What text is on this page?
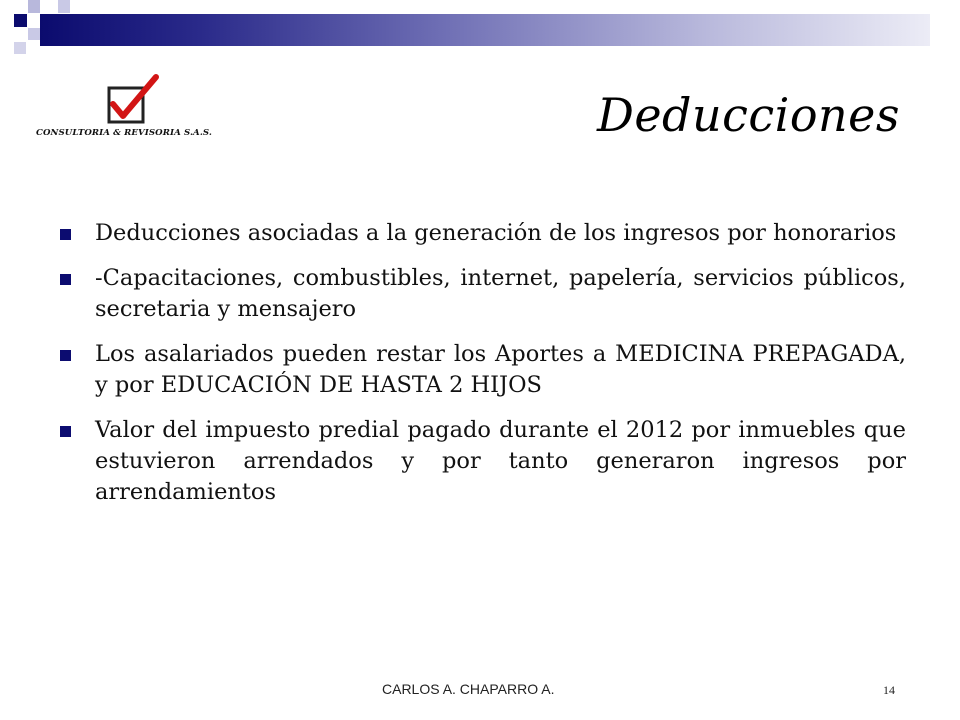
CONSULTORIA & REVISORIA S.A.S.	Deducciones
Deducciones asociadas a la generación de los ingresos por honorarios
-Capacitaciones, combustibles, internet, papelería, servicios públicos, secretaria y mensajero
Los asalariados pueden restar los Aportes a MEDICINA PREPAGADA, y por EDUCACIÓN DE HASTA 2 HIJOS
Valor del impuesto predial pagado durante el 2012 por inmuebles que estuvieron arrendados y por tanto generaron ingresos por arrendamientos
CARLOS A. CHAPARRO A.	14
